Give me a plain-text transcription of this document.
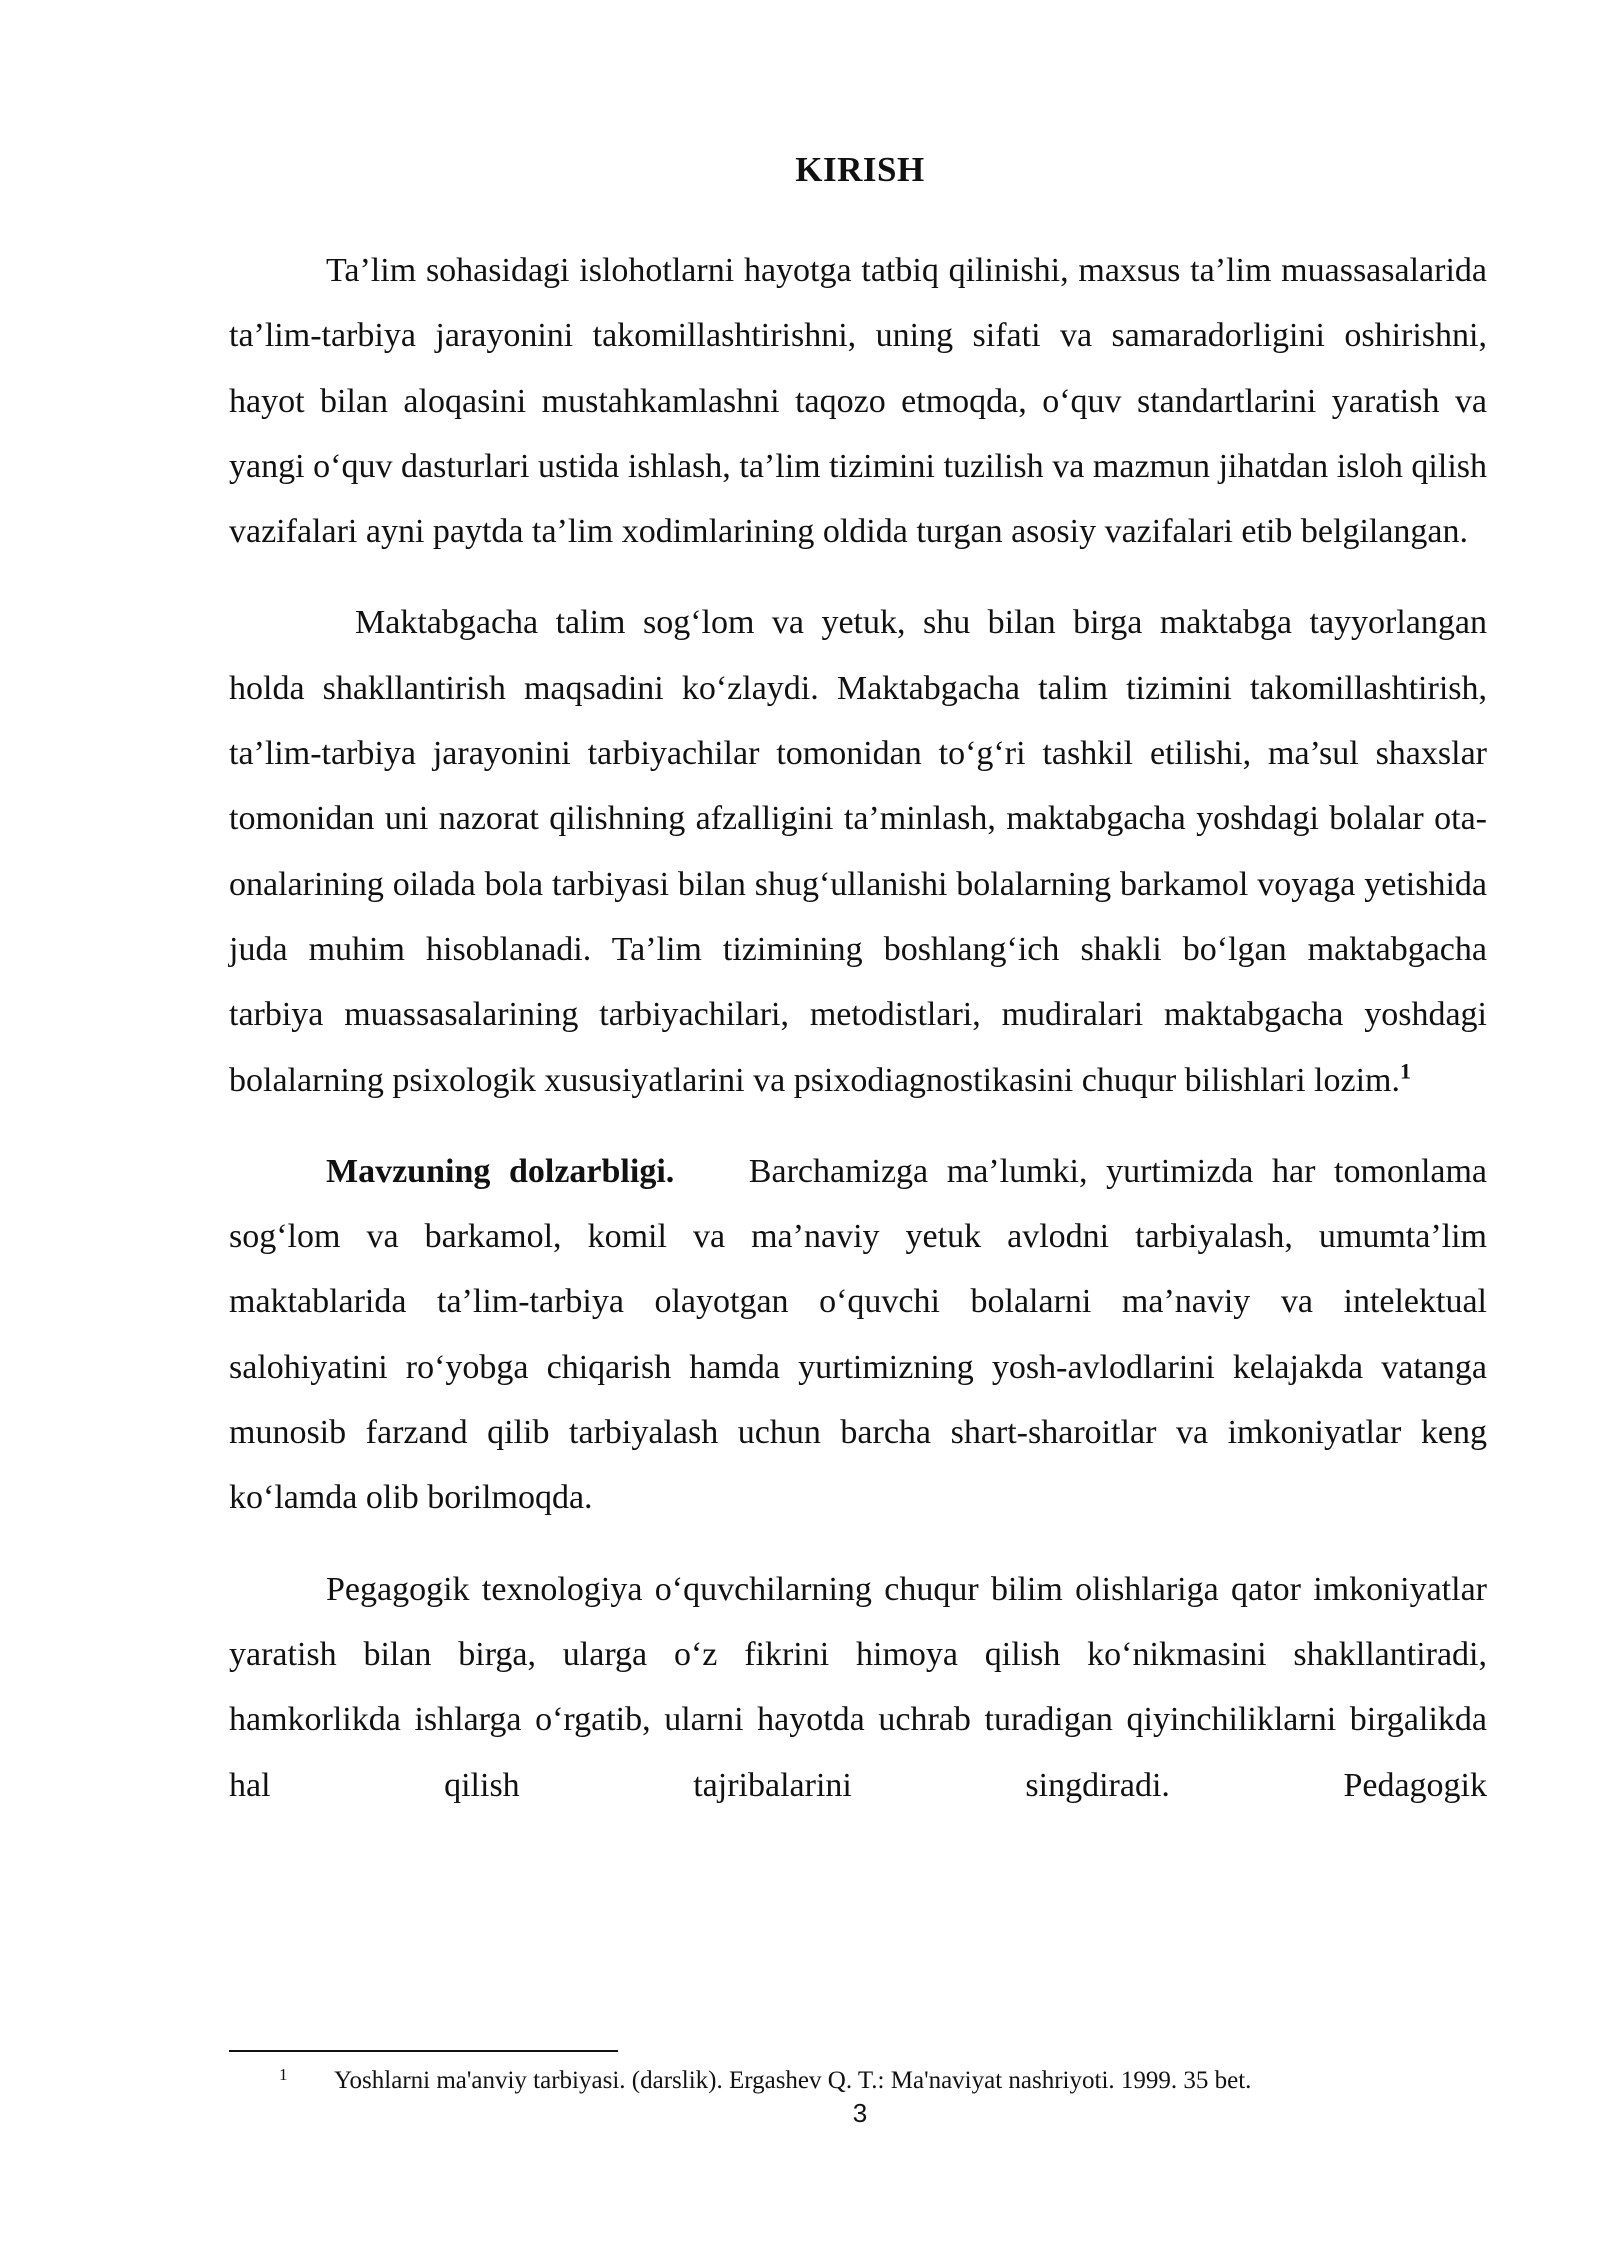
KIRISH

Ta’lim sohasidagi islohotlarni hayotga tatbiq qilinishi, maxsus ta’lim muassasalarida ta’lim-tarbiya jarayonini takomillashtirishni, uning sifati va samaradorligini oshirishni, hayot bilan aloqasini mustahkamlashni taqozo etmoqda, o‘quv standartlarini yaratish va yangi o‘quv dasturlari ustida ishlash, ta’lim tizimini tuzilish va mazmun jihatdan isloh qilish vazifalari ayni paytda ta’lim xodimlarining oldida turgan asosiy vazifalari etib belgilangan.

Maktabgacha talim sog‘lom va yetuk, shu bilan birga maktabga tayyorlangan holda shakllantirish maqsadini ko‘zlaydi. Maktabgacha talim tizimini takomillashtirish, ta’lim-tarbiya jarayonini tarbiyachilar tomonidan to‘g‘ri tashkil etilishi, ma’sul shaxslar tomonidan uni nazorat qilishning afzalligini ta’minlash, maktabgacha yoshdagi bolalar ota-onalarining oilada bola tarbiyasi bilan shug‘ullanishi bolalarning barkamol voyaga yetishida juda muhim hisoblanadi. Ta’lim tizimining boshlang‘ich shakli bo‘lgan maktabgacha tarbiya muassasalarining tarbiyachilari, metodistlari, mudiralari maktabgacha yoshdagi bolalarning psixologik xususiyatlarini va psixodiagnostikasini chuqur bilishlari lozim.$^1$

Mavzuning dolzarbligi. Barchamizga ma’lumki, yurtimizda har tomonlama sog‘lom va barkamol, komil va ma’naviy yetuk avlodni tarbiyalash, umumta’lim maktablarida ta’lim-tarbiya olayotgan o‘quvchi bolalarni ma’naviy va intelektual salohiyatini ro‘yobga chiqarish hamda yurtimizning yosh-avlodlarini kelajakda vatanga munosib farzand qilib tarbiyalash uchun barcha shart-sharoitlar va imkoniyatlar keng ko‘lamda olib borilmoqda.

Pegagogik texnologiya o‘quvchilarning chuqur bilim olishlariga qator imkoniyatlar yaratish bilan birga, ularga o‘z fikrini himoya qilish ko‘nikmasini shakllantiradi, hamkorlikda ishlarga o‘rgatib, ularni hayotda uchrab turadigan qiyinchiliklarni birgalikda hal qilish tajribalarini singdiradi. Pedagogik

1 Yoshlarni ma'anviy tarbiyasi. (darslik). Ergashev Q. T.: Ma'naviyat nashriyoti. 1999. 35 bet.
3
